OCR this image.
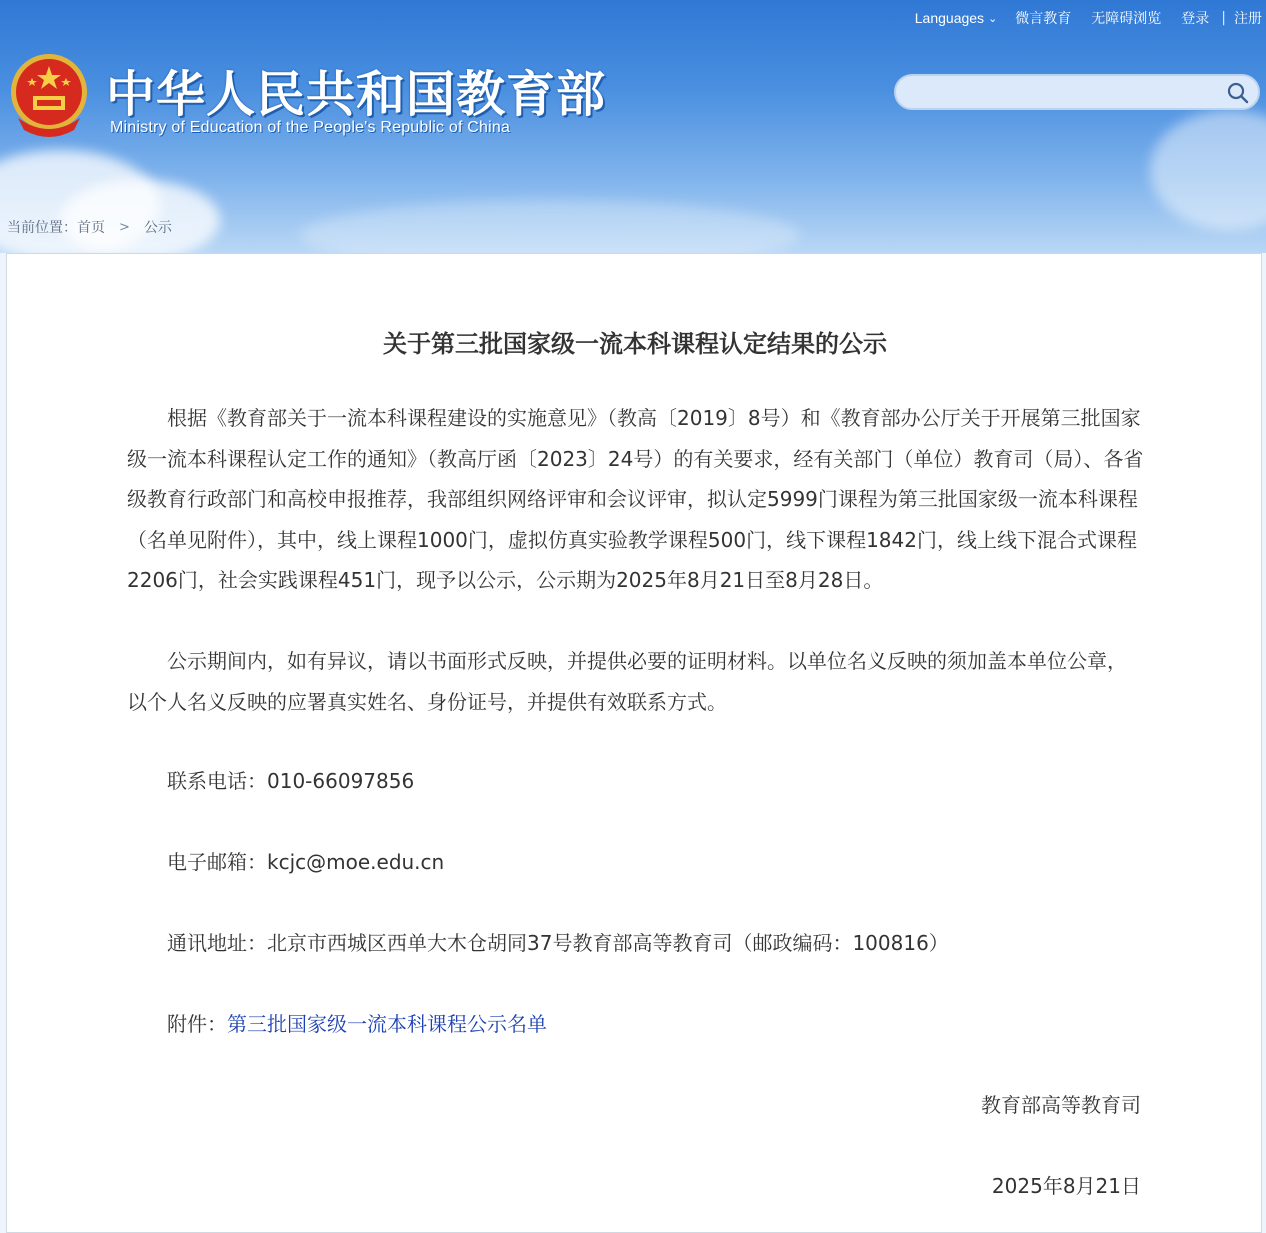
中华人民共和国教育部
Ministry of Education of the People's Republic of China
Languages ⌄ 微言教育 无障碍浏览 登录 | 注册
当前位置： 首页 > 公示
关于第三批国家级一流本科课程认定结果的公示

根据《教育部关于一流本科课程建设的实施意见》（教高〔2019〕8号）和《教育部办公厅关于开展第三批国家级一流本科课程认定工作的通知》（教高厅函〔2023〕24号）的有关要求，经有关部门（单位）教育司（局）、各省级教育行政部门和高校申报推荐，我部组织网络评审和会议评审，拟认定5999门课程为第三批国家级一流本科课程（名单见附件），其中，线上课程1000门，虚拟仿真实验教学课程500门，线下课程1842门，线上线下混合式课程2206门，社会实践课程451门，现予以公示，公示期为2025年8月21日至8月28日。

公示期间内，如有异议，请以书面形式反映，并提供必要的证明材料。以单位名义反映的须加盖本单位公章，以个人名义反映的应署真实姓名、身份证号，并提供有效联系方式。

联系电话：010-66097856
电子邮箱：kcjc@moe.edu.cn
通讯地址：北京市西城区西单大木仓胡同37号教育部高等教育司（邮政编码：100816）
附件：第三批国家级一流本科课程公示名单
教育部高等教育司
2025年8月21日
